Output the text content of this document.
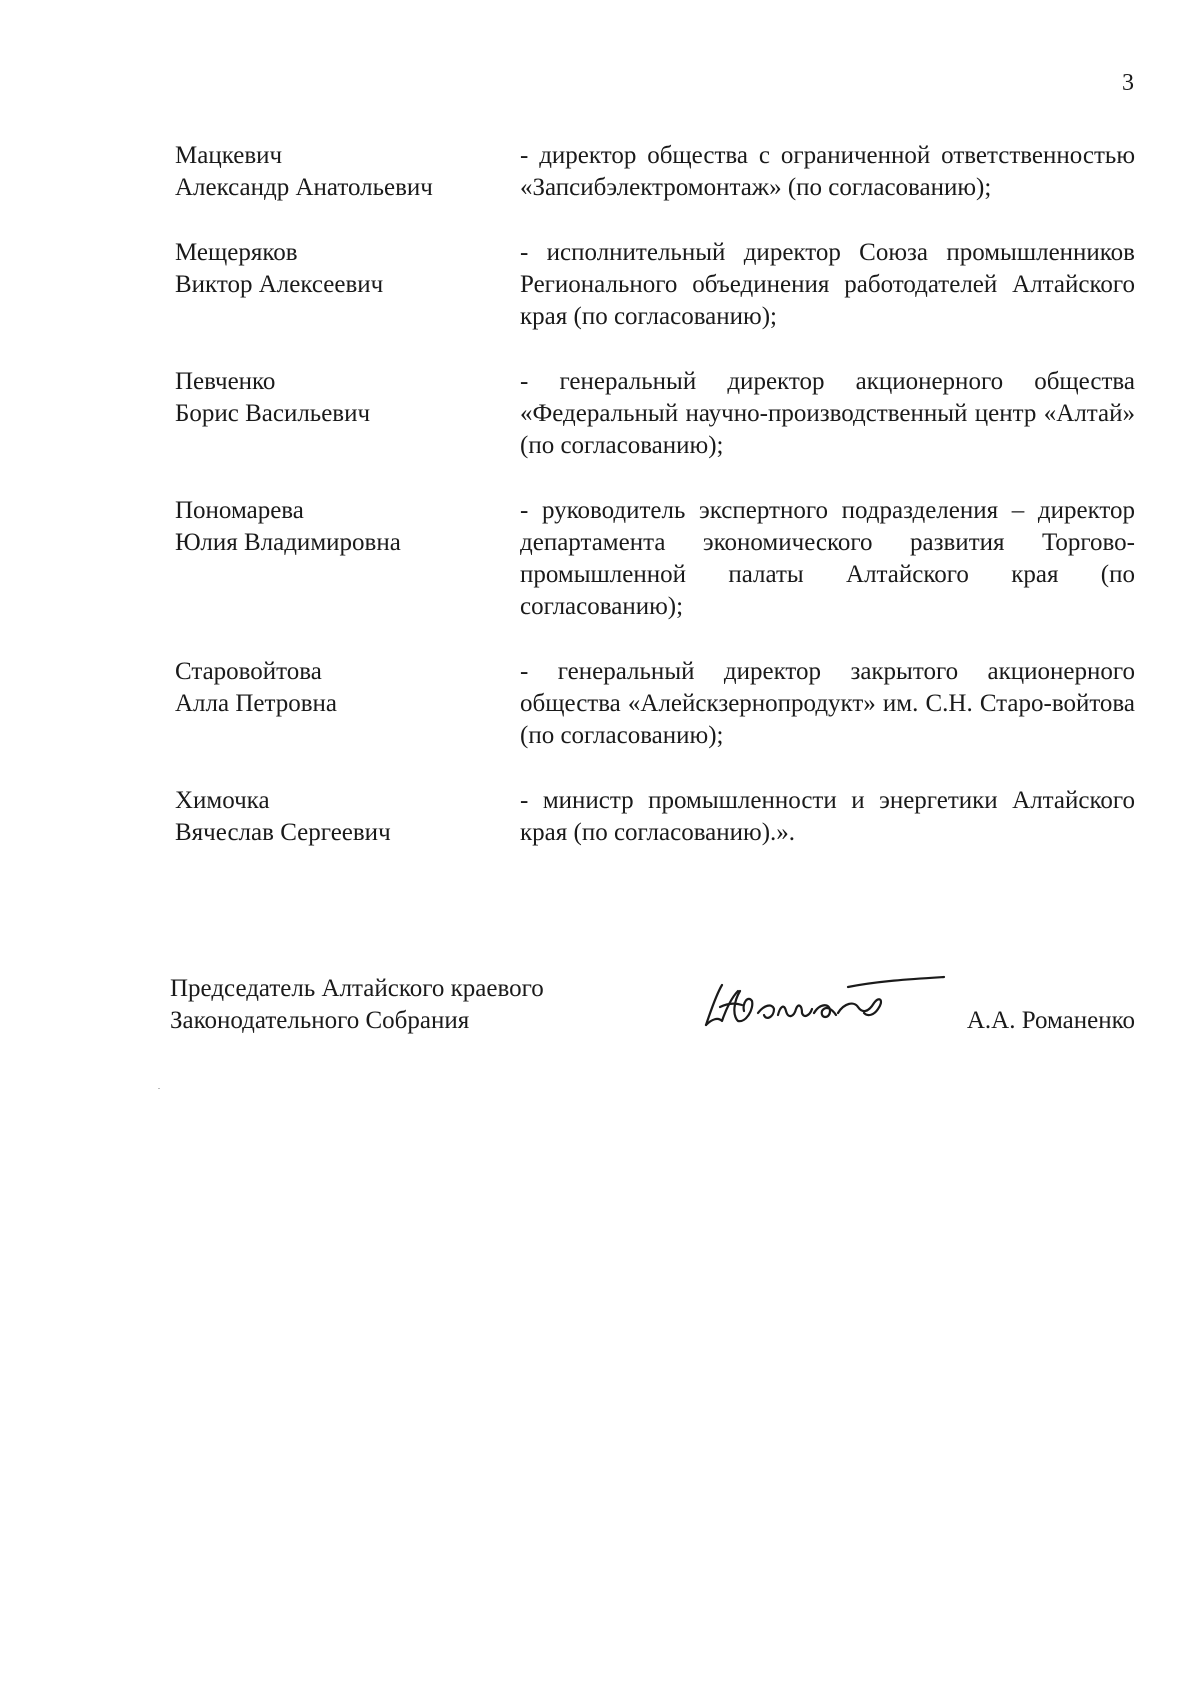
3
Мацкевич
Александр Анатольевич
- директор общества с ограниченной ответственностью «Запсибэлектромонтаж» (по согласованию);
Мещеряков
Виктор Алексеевич
- исполнительный директор Союза промышленников Регионального объединения работодателей Алтайского края (по согласованию);
Певченко
Борис Васильевич
- генеральный директор акционерного общества «Федеральный научно-производственный центр «Алтай» (по согласованию);
Пономарева
Юлия Владимировна
- руководитель экспертного подразделения – директор департамента экономического развития Торгово-промышленной палаты Алтайского края (по согласованию);
Старовойтова
Алла Петровна
- генеральный директор закрытого акционерного общества «Алейскзернопродукт» им. С.Н. Старо-войтова (по согласованию);
Химочка
Вячеслав Сергеевич
- министр промышленности и энергетики Алтайского края (по согласованию).».
Председатель Алтайского краевого
Законодательного Собрания	А.А. Романенко
